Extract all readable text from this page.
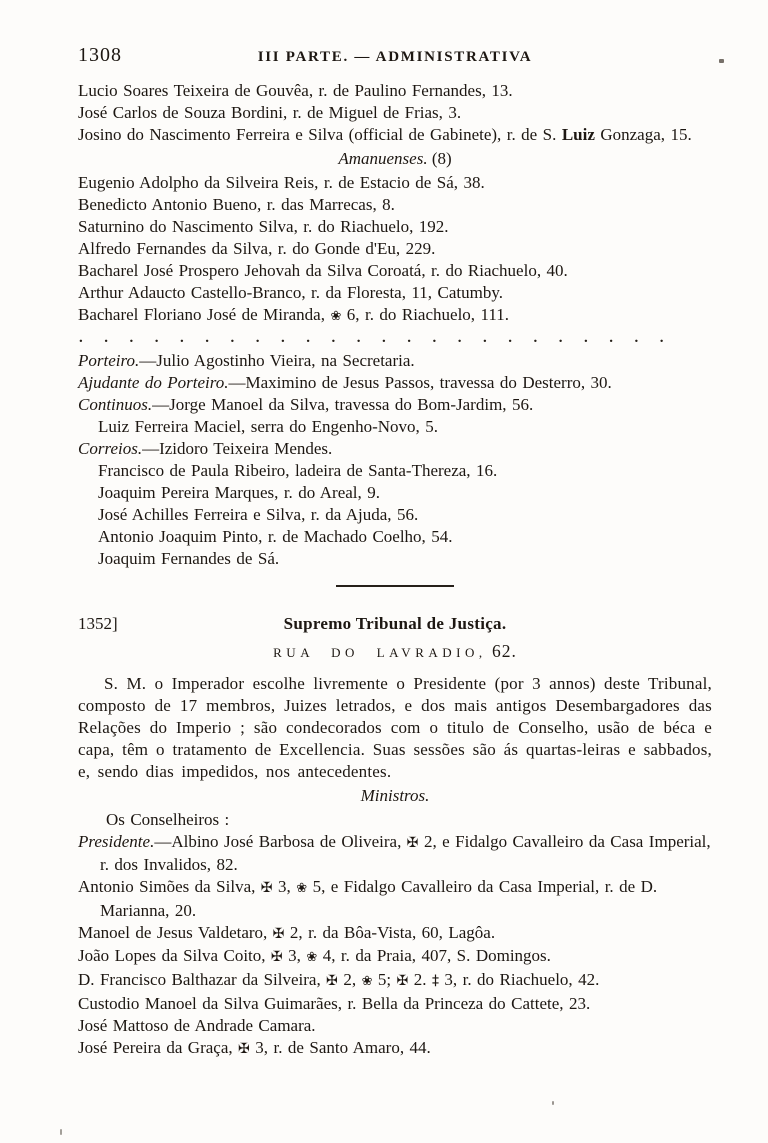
1308	III PARTE. — ADMINISTRATIVA

Lucio Soares Teixeira de Gouvêa, r. de Paulino Fernandes, 13.

José Carlos de Souza Bordini, r. de Miguel de Frias, 3.

Josino do Nascimento Ferreira e Silva (official de Gabinete), r. de S. Luiz Gonzaga, 15.

Amanuenses. (8)

Eugenio Adolpho da Silveira Reis, r. de Estacio de Sá, 38.

Benedicto Antonio Bueno, r. das Marrecas, 8.

Saturnino do Nascimento Silva, r. do Riachuelo, 192.

Alfredo Fernandes da Silva, r. do Gonde d'Eu, 229.

Bacharel José Prospero Jehovah da Silva Coroatá, r. do Riachuelo, 40.

Arthur Adaucto Castello-Branco, r. da Floresta, 11, Catumby.

Bacharel Floriano José de Miranda, ❀ 6, r. do Riachuelo, 111.

........................

Porteiro.—Julio Agostinho Vieira, na Secretaria.

Ajudante do Porteiro.—Maximino de Jesus Passos, travessa do Desterro, 30.

Continuos.—Jorge Manoel da Silva, travessa do Bom-Jardim, 56.

Luiz Ferreira Maciel, serra do Engenho-Novo, 5.

Correios.—Izidoro Teixeira Mendes.

Francisco de Paula Ribeiro, ladeira de Santa-Thereza, 16.

Joaquim Pereira Marques, r. do Areal, 9.

José Achilles Ferreira e Silva, r. da Ajuda, 56.

Antonio Joaquim Pinto, r. de Machado Coelho, 54.

Joaquim Fernandes de Sá.

1352]	Supremo Tribunal de Justiça.

RUA DO LAVRADIO, 62.

S. M. o Imperador escolhe livremente o Presidente (por 3 annos) deste Tribunal, composto de 17 membros, Juizes letrados, e dos mais antigos Desembargadores das Relações do Imperio ; são condecorados com o titulo de Conselho, usão de béca e capa, têm o tratamento de Excellencia. Suas sessões são ás quartas-leiras e sabbados, e, sendo dias impedidos, nos antecedentes.

Ministros.

Os Conselheiros :

Presidente.—Albino José Barbosa de Oliveira, ✠ 2, e Fidalgo Cavalleiro da Casa Imperial, r. dos Invalidos, 82.

Antonio Simões da Silva, ✠ 3, ❀ 5, e Fidalgo Cavalleiro da Casa Imperial, r. de D. Marianna, 20.

Manoel de Jesus Valdetaro, ✠ 2, r. da Bôa-Vista, 60, Lagôa.

João Lopes da Silva Coito, ✠ 3, ❀ 4, r. da Praia, 407, S. Domingos.

D. Francisco Balthazar da Silveira, ✠ 2, ❀ 5; ✠ 2. ‡ 3, r. do Riachuelo, 42.

Custodio Manoel da Silva Guimarães, r. Bella da Princeza do Cattete, 23.

José Mattoso de Andrade Camara.

José Pereira da Graça, ✠ 3, r. de Santo Amaro, 44.
